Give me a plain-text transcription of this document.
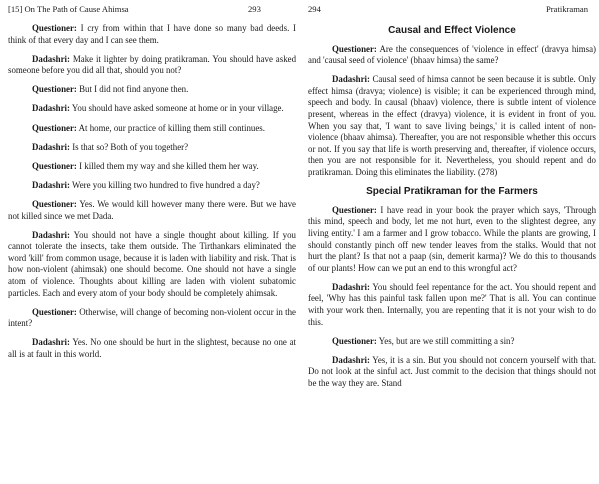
[15] On The Path of Cause Ahimsa	293

Questioner: I cry from within that I have done so many bad deeds. I think of that every day and I can see them.

Dadashri: Make it lighter by doing pratikraman. You should have asked someone before you did all that, should you not?

Questioner: But I did not find anyone then.

Dadashri: You should have asked someone at home or in your village.

Questioner: At home, our practice of killing them still continues.

Dadashri: Is that so? Both of you together?

Questioner: I killed them my way and she killed them her way.

Dadashri: Were you killing two hundred to five hundred a day?

Questioner: Yes. We would kill however many there were. But we have not killed since we met Dada.

Dadashri: You should not have a single thought about killing. If you cannot tolerate the insects, take them outside. The Tirthankars eliminated the word 'kill' from common usage, because it is laden with liability and risk. That is how non-violent (ahimsak) one should become. One should not have a single atom of violence. Thoughts about killing are laden with violent subatomic particles. Each and every atom of your body should be completely ahimsak.

Questioner: Otherwise, will change of becoming non-violent occur in the intent?

Dadashri: Yes. No one should be hurt in the slightest, because no one at all is at fault in this world.

294	Pratikraman
Causal and Effect Violence

Questioner: Are the consequences of 'violence in effect' (dravya himsa) and 'causal seed of violence' (bhaav himsa) the same?

Dadashri: Causal seed of himsa cannot be seen because it is subtle. Only effect himsa (dravya; violence) is visible; it can be experienced through mind, speech and body. In causal (bhaav) violence, there is subtle intent of violence present, whereas in the effect (dravya) violence, it is evident in front of you. When you say that, 'I want to save living beings,' it is called intent of non-violence (bhaav ahimsa). Thereafter, you are not responsible whether this occurs or not. If you say that life is worth preserving and, thereafter, if violence occurs, then you are not responsible for it. Nevertheless, you should repent and do pratikraman. Doing this eliminates the liability. (278)

Special Pratikraman for the Farmers

Questioner: I have read in your book the prayer which says, 'Through this mind, speech and body, let me not hurt, even to the slightest degree, any living entity.' I am a farmer and I grow tobacco. While the plants are growing, I should constantly pinch off new tender leaves from the stalks. Would that not hurt the plant? Is that not a paap (sin, demerit karma)? We do this to thousands of our plants! How can we put an end to this wrongful act?

Dadashri: You should feel repentance for the act. You should repent and feel, 'Why has this painful task fallen upon me?' That is all. You can continue with your work then. Internally, you are repenting that it is not your wish to do this.

Questioner: Yes, but are we still committing a sin?

Dadashri: Yes, it is a sin. But you should not concern yourself with that. Do not look at the sinful act. Just commit to the decision that things should not be the way they are. Stand
